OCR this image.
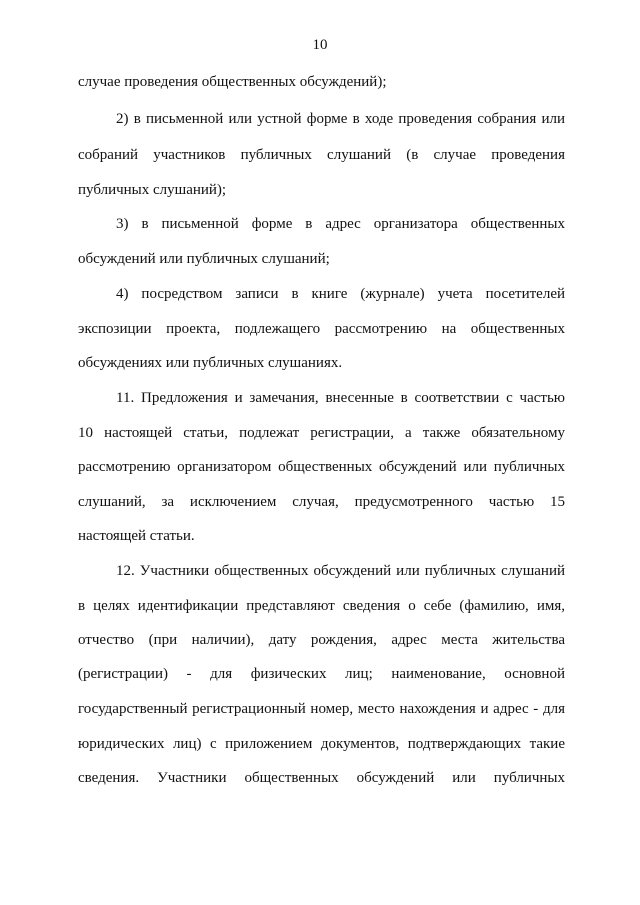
10
случае проведения общественных обсуждений);
2) в письменной или устной форме в ходе проведения собрания или
собраний участников публичных слушаний (в случае проведения
публичных слушаний);
3) в письменной форме в адрес организатора общественных
обсуждений или публичных слушаний;
4) посредством записи в книге (журнале) учета посетителей
экспозиции проекта, подлежащего рассмотрению на общественных
обсуждениях или публичных слушаниях.
11. Предложения и замечания, внесенные в соответствии с частью
10 настоящей статьи, подлежат регистрации, а также обязательному
рассмотрению организатором общественных обсуждений или публичных
слушаний, за исключением случая, предусмотренного частью 15
настоящей статьи.
12. Участники общественных обсуждений или публичных слушаний
в целях идентификации представляют сведения о себе (фамилию, имя,
отчество (при наличии), дату рождения, адрес места жительства
(регистрации) - для физических лиц; наименование, основной
государственный регистрационный номер, место нахождения и адрес - для
юридических лиц) с приложением документов, подтверждающих такие
сведения. Участники общественных обсуждений или публичных
